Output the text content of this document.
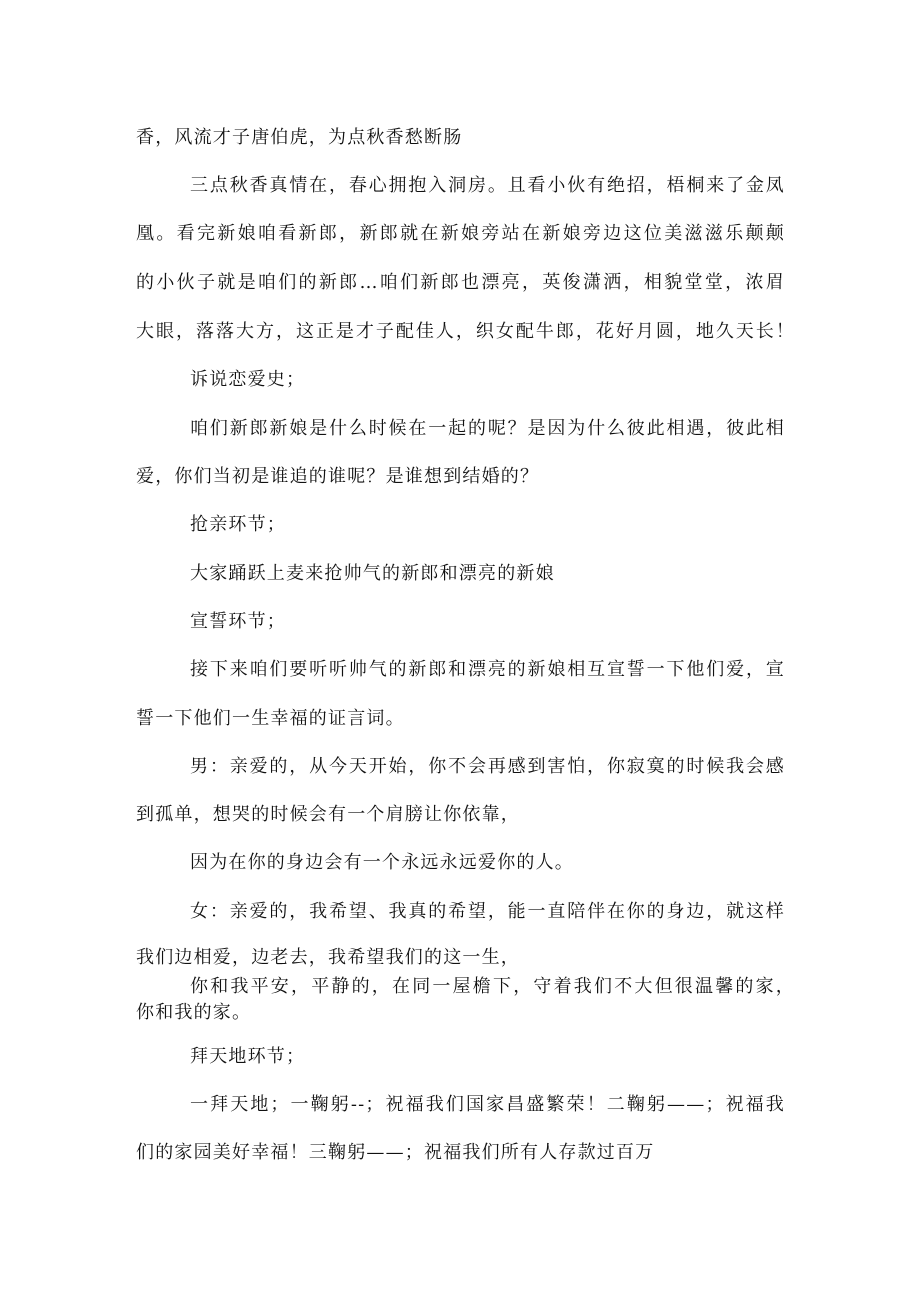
香，风流才子唐伯虎，为点秋香愁断肠
三点秋香真情在，春心拥抱入洞房。且看小伙有绝招，梧桐来了金凤
凰。看完新娘咱看新郎，新郎就在新娘旁站在新娘旁边这位美滋滋乐颠颠
的小伙子就是咱们的新郎…咱们新郎也漂亮，英俊潇洒，相貌堂堂，浓眉
大眼，落落大方，这正是才子配佳人，织女配牛郎，花好月圆，地久天长！
诉说恋爱史；
咱们新郎新娘是什么时候在一起的呢？是因为什么彼此相遇，彼此相
爱，你们当初是谁追的谁呢？是谁想到结婚的？
抢亲环节；
大家踊跃上麦来抢帅气的新郎和漂亮的新娘
宣誓环节；
接下来咱们要听听帅气的新郎和漂亮的新娘相互宣誓一下他们爱，宣
誓一下他们一生幸福的证言词。
男：亲爱的，从今天开始，你不会再感到害怕，你寂寞的时候我会感
到孤单，想哭的时候会有一个肩膀让你依靠，
因为在你的身边会有一个永远永远爱你的人。
女：亲爱的，我希望、我真的希望，能一直陪伴在你的身边，就这样
我们边相爱，边老去，我希望我们的这一生，
你和我平安，平静的，在同一屋檐下，守着我们不大但很温馨的家，
你和我的家。
拜天地环节；
一拜天地；一鞠躬--；祝福我们国家昌盛繁荣！二鞠躬——；祝福我
们的家园美好幸福！三鞠躬——；祝福我们所有人存款过百万
